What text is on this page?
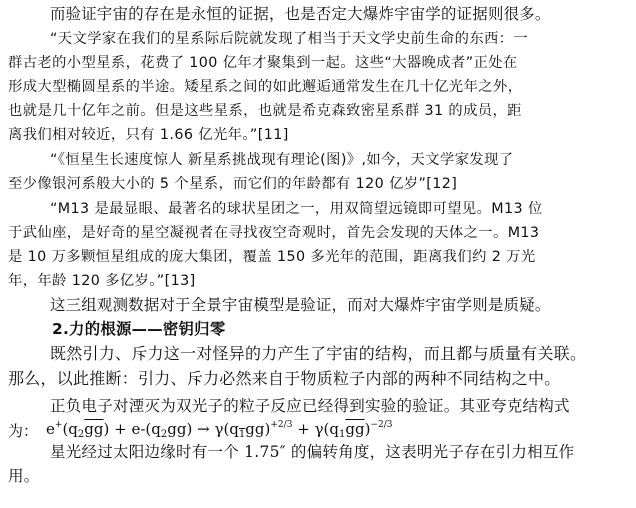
而验证宇宙的存在是永恒的证据，也是否定大爆炸宇宙学的证据则很多。
“天文学家在我们的星系际后院就发现了相当于天文学史前生命的东西：一
群古老的小型星系，花费了 100 亿年才聚集到一起。这些“大器晚成者”正处在
形成大型椭圆星系的半途。矮星系之间的如此邂逅通常发生在几十亿光年之外，
也就是几十亿年之前。但是这些星系，也就是希克森致密星系群 31 的成员，距
离我们相对较近，只有 1.66 亿光年。”[11]
“《恒星生长速度惊人 新星系挑战现有理论(图)》,如今，天文学家发现了
至少像银河系般大小的 5 个星系，而它们的年龄都有 120 亿岁”[12]
“M13 是最显眼、最著名的球状星团之一，用双筒望远镜即可望见。M13 位
于武仙座，是好奇的星空凝视者在寻找夜空奇观时，首先会发现的天体之一。M13
是 10 万多颗恒星组成的庞大集团，覆盖 150 多光年的范围，距离我们约 2 万光
年，年龄 120 多亿岁。”[13]
这三组观测数据对于全景宇宙模型是验证，而对大爆炸宇宙学则是质疑。
2.力的根源——密钥归零
既然引力、斥力这一对怪异的力产生了宇宙的结构，而且都与质量有关联。
那么，以此推断：引力、斥力必然来自于物质粒子内部的两种不同结构之中。
正负电子对湮灭为双光子的粒子反应已经得到实验的验证。其亚夸克结构式
为： $e^+(q_2\overline{gg}) + e-(q_2gg) \to \gamma(q_1gg)^{+2/3} + \gamma(q_1\overline{gg})^{-2/3}$
星光经过太阳边缘时有一个 1.75″ 的偏转角度，这表明光子存在引力相互作
用。
